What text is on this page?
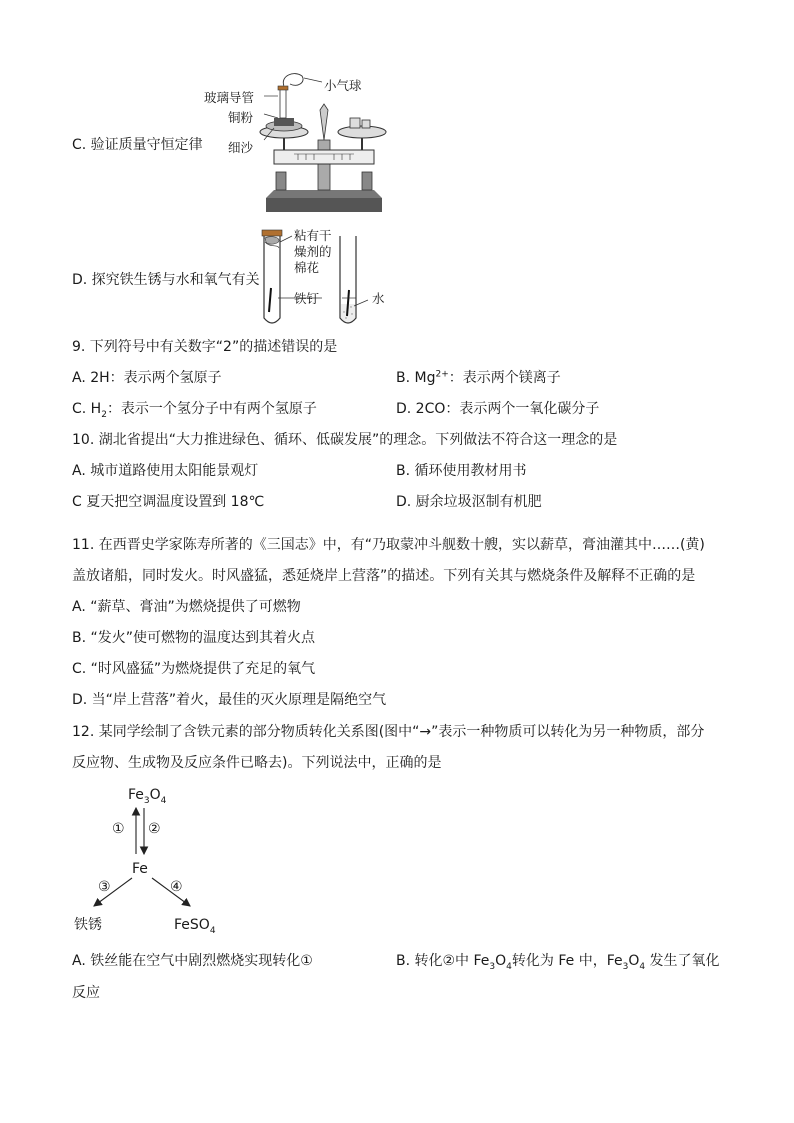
C. 验证质量守恒定律
小气球
玻璃导管
铜粉
细沙
D. 探究铁生锈与水和氧气有关
粘有干
燥剂的
棉花
铁钉	水
9. 下列符号中有关数字“2”的描述错误的是
A. 2H：表示两个氢原子	B. $Mg^{2+}$：表示两个镁离子
C. $H_2$：表示一个氢分子中有两个氢原子	D. 2CO：表示两个一氧化碳分子
10. 湖北省提出“大力推进绿色、循环、低碳发展”的理念。下列做法不符合这一理念的是
A. 城市道路使用太阳能景观灯	B. 循环使用教材用书
C 夏天把空调温度设置到 18℃	D. 厨余垃圾沤制有机肥
11. 在西晋史学家陈寿所著的《三国志》中，有“乃取蒙冲斗舰数十艘，实以薪草，膏油灌其中……(黄)
盖放诸船，同时发火。时风盛猛，悉延烧岸上营落”的描述。下列有关其与燃烧条件及解释不正确的是
A. “薪草、膏油”为燃烧提供了可燃物
B. “发火”使可燃物的温度达到其着火点
C. “时风盛猛”为燃烧提供了充足的氧气
D. 当“岸上营落”着火，最佳的灭火原理是隔绝空气
12. 某同学绘制了含铁元素的部分物质转化关系图(图中“→”表示一种物质可以转化为另一种物质，部分
反应物、生成物及反应条件已略去)。下列说法中，正确的是
$Fe_3O_4$
Fe
铁锈	FeSO$_4$
① ②
③	④
A. 铁丝能在空气中剧烈燃烧实现转化①	B. 转化②中 $Fe_3O_4$转化为 Fe 中，$Fe_3O_4$ 发生了氧化
反应
